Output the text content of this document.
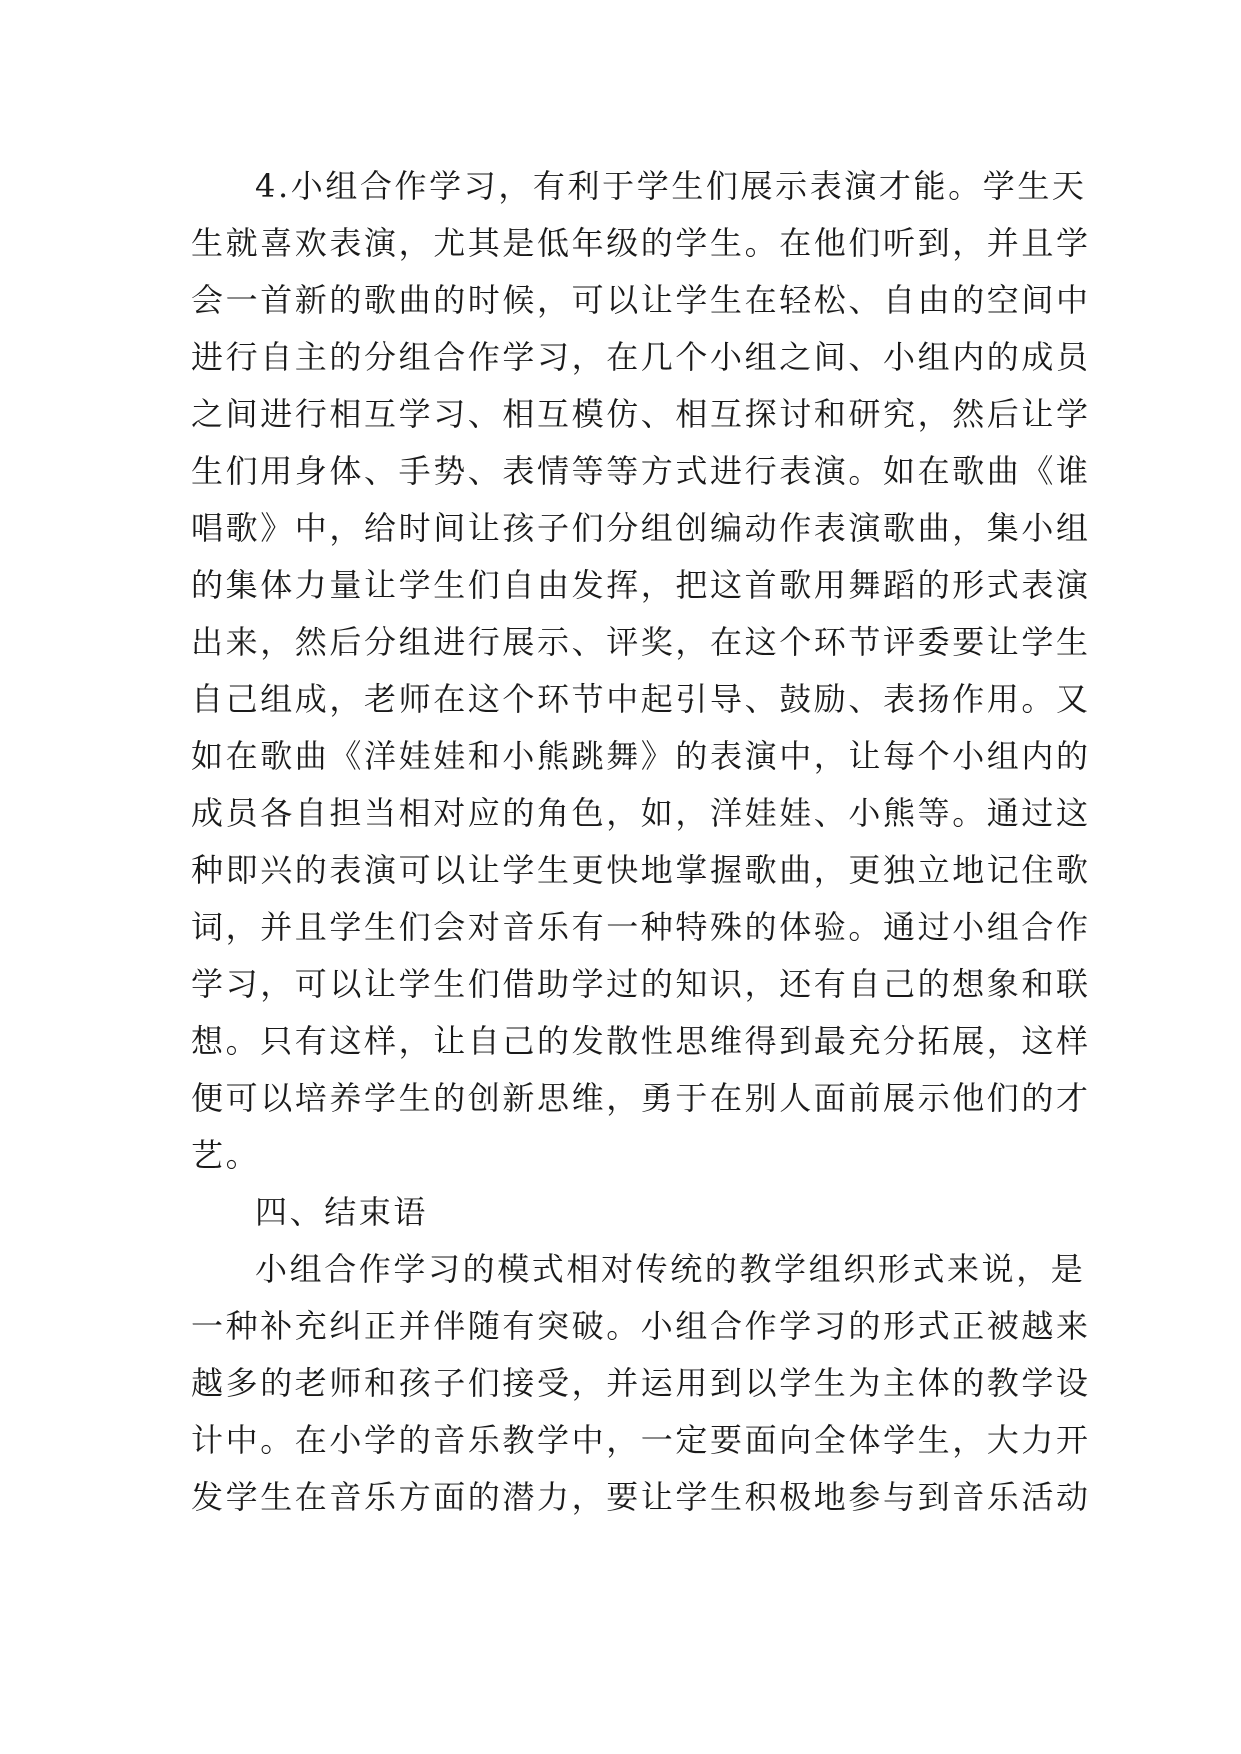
4.小组合作学习，有利于学生们展示表演才能。学生天
生就喜欢表演，尤其是低年级的学生。在他们听到，并且学
会一首新的歌曲的时候，可以让学生在轻松、自由的空间中
进行自主的分组合作学习，在几个小组之间、小组内的成员
之间进行相互学习、相互模仿、相互探讨和研究，然后让学
生们用身体、手势、表情等等方式进行表演。如在歌曲《谁
唱歌》中，给时间让孩子们分组创编动作表演歌曲，集小组
的集体力量让学生们自由发挥，把这首歌用舞蹈的形式表演
出来，然后分组进行展示、评奖，在这个环节评委要让学生
自己组成，老师在这个环节中起引导、鼓励、表扬作用。又
如在歌曲《洋娃娃和小熊跳舞》的表演中，让每个小组内的
成员各自担当相对应的角色，如，洋娃娃、小熊等。通过这
种即兴的表演可以让学生更快地掌握歌曲，更独立地记住歌
词，并且学生们会对音乐有一种特殊的体验。通过小组合作
学习，可以让学生们借助学过的知识，还有自己的想象和联
想。只有这样，让自己的发散性思维得到最充分拓展，这样
便可以培养学生的创新思维，勇于在别人面前展示他们的才
艺。
四、结束语
小组合作学习的模式相对传统的教学组织形式来说，是
一种补充纠正并伴随有突破。小组合作学习的形式正被越来
越多的老师和孩子们接受，并运用到以学生为主体的教学设
计中。在小学的音乐教学中，一定要面向全体学生，大力开
发学生在音乐方面的潜力，要让学生积极地参与到音乐活动
